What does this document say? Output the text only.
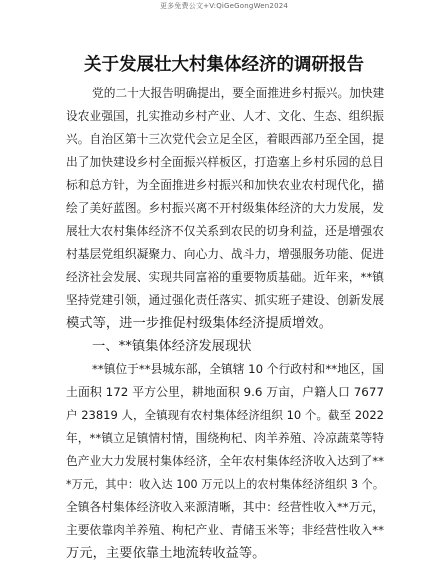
更多免费公文+V:QiGeGongWen2024
关于发展壮大村集体经济的调研报告
党的二十大报告明确提出，要全面推进乡村振兴。加快建
设农业强国，扎实推动乡村产业、人才、文化、生态、组织振
兴。自治区第十三次党代会立足全区，着眼西部乃至全国，提
出了加快建设乡村全面振兴样板区，打造塞上乡村乐园的总目
标和总方针，为全面推进乡村振兴和加快农业农村现代化，描
绘了美好蓝图。乡村振兴离不开村级集体经济的大力发展，发
展壮大农村集体经济不仅关系到农民的切身利益，还是增强农
村基层党组织凝聚力、向心力、战斗力，增强服务功能、促进
经济社会发展、实现共同富裕的重要物质基础。近年来，**镇
坚持党建引领，通过强化责任落实、抓实班子建设、创新发展
模式等，进一步推促村级集体经济提质增效。
一、**镇集体经济发展现状
**镇位于**县城东部，全镇辖 10 个行政村和**地区，国
土面积 172 平方公里，耕地面积 9.6 万亩，户籍人口 7677
户 23819 人，全镇现有农村集体经济组织 10 个。截至 2022
年，**镇立足镇情村情，围绕枸杞、肉羊养殖、冷凉蔬菜等特
色产业大力发展村集体经济，全年农村集体经济收入达到了**
*万元，其中：收入达 100 万元以上的农村集体经济组织 3 个。
全镇各村集体经济收入来源清晰，其中：经营性收入**万元，
主要依靠肉羊养殖、枸杞产业、青储玉米等；非经营性收入**
万元，主要依靠土地流转收益等。
